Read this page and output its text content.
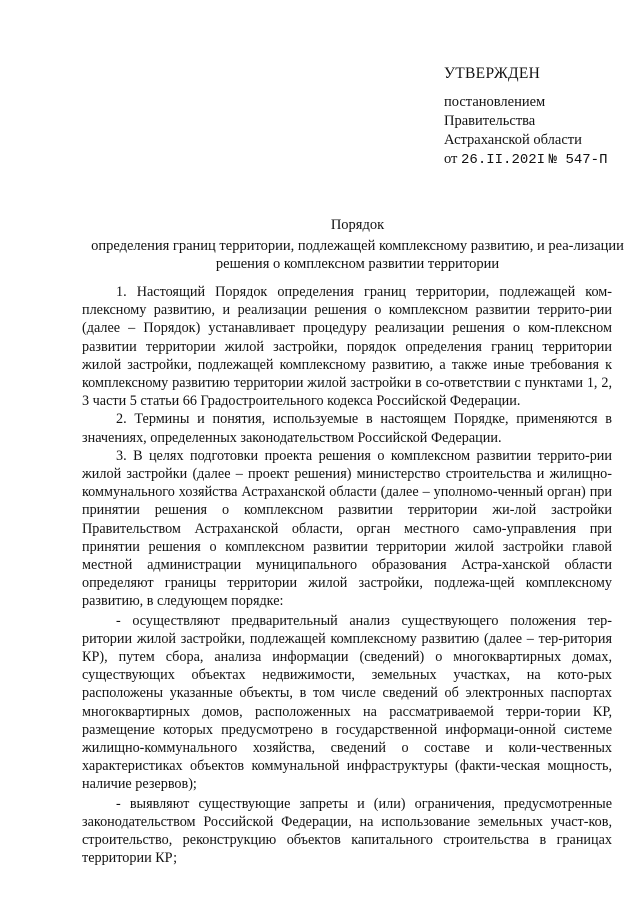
УТВЕРЖДЕН
постановлением
Правительства
Астраханской области
от 26.II.202I № 547-П
Порядок
определения границ территории, подлежащей комплексному развитию, и реа-лизации решения о комплексном развитии территории

1. Настоящий Порядок определения границ территории, подлежащей ком-плексному развитию, и реализации решения о комплексном развитии террито-рии (далее – Порядок) устанавливает процедуру реализации решения о ком-плексном развитии территории жилой застройки, порядок определения границ территории жилой застройки, подлежащей комплексному развитию, а также иные требования к комплексному развитию территории жилой застройки в со-ответствии с пунктами 1, 2, 3 части 5 статьи 66 Градостроительного кодекса Российской Федерации.

2. Термины и понятия, используемые в настоящем Порядке, применяются в значениях, определенных законодательством Российской Федерации.

3. В целях подготовки проекта решения о комплексном развитии террито-рии жилой застройки (далее – проект решения) министерство строительства и жилищно-коммунального хозяйства Астраханской области (далее – уполномо-ченный орган) при принятии решения о комплексном развитии территории жи-лой застройки Правительством Астраханской области, орган местного само-управления при принятии решения о комплексном развитии территории жилой застройки главой местной администрации муниципального образования Астра-ханской области определяют границы территории жилой застройки, подлежа-щей комплексному развитию, в следующем порядке:

- осуществляют предварительный анализ существующего положения тер-ритории жилой застройки, подлежащей комплексному развитию (далее – тер-ритория КР), путем сбора, анализа информации (сведений) о многоквартирных домах, существующих объектах недвижимости, земельных участках, на кото-рых расположены указанные объекты, в том числе сведений об электронных паспортах многоквартирных домов, расположенных на рассматриваемой терри-тории КР, размещение которых предусмотрено в государственной информаци-онной системе жилищно-коммунального хозяйства, сведений о составе и коли-чественных характеристиках объектов коммунальной инфраструктуры (факти-ческая мощность, наличие резервов);

- выявляют существующие запреты и (или) ограничения, предусмотренные законодательством Российской Федерации, на использование земельных участ-ков, строительство, реконструкцию объектов капитального строительства в границах территории КР;
